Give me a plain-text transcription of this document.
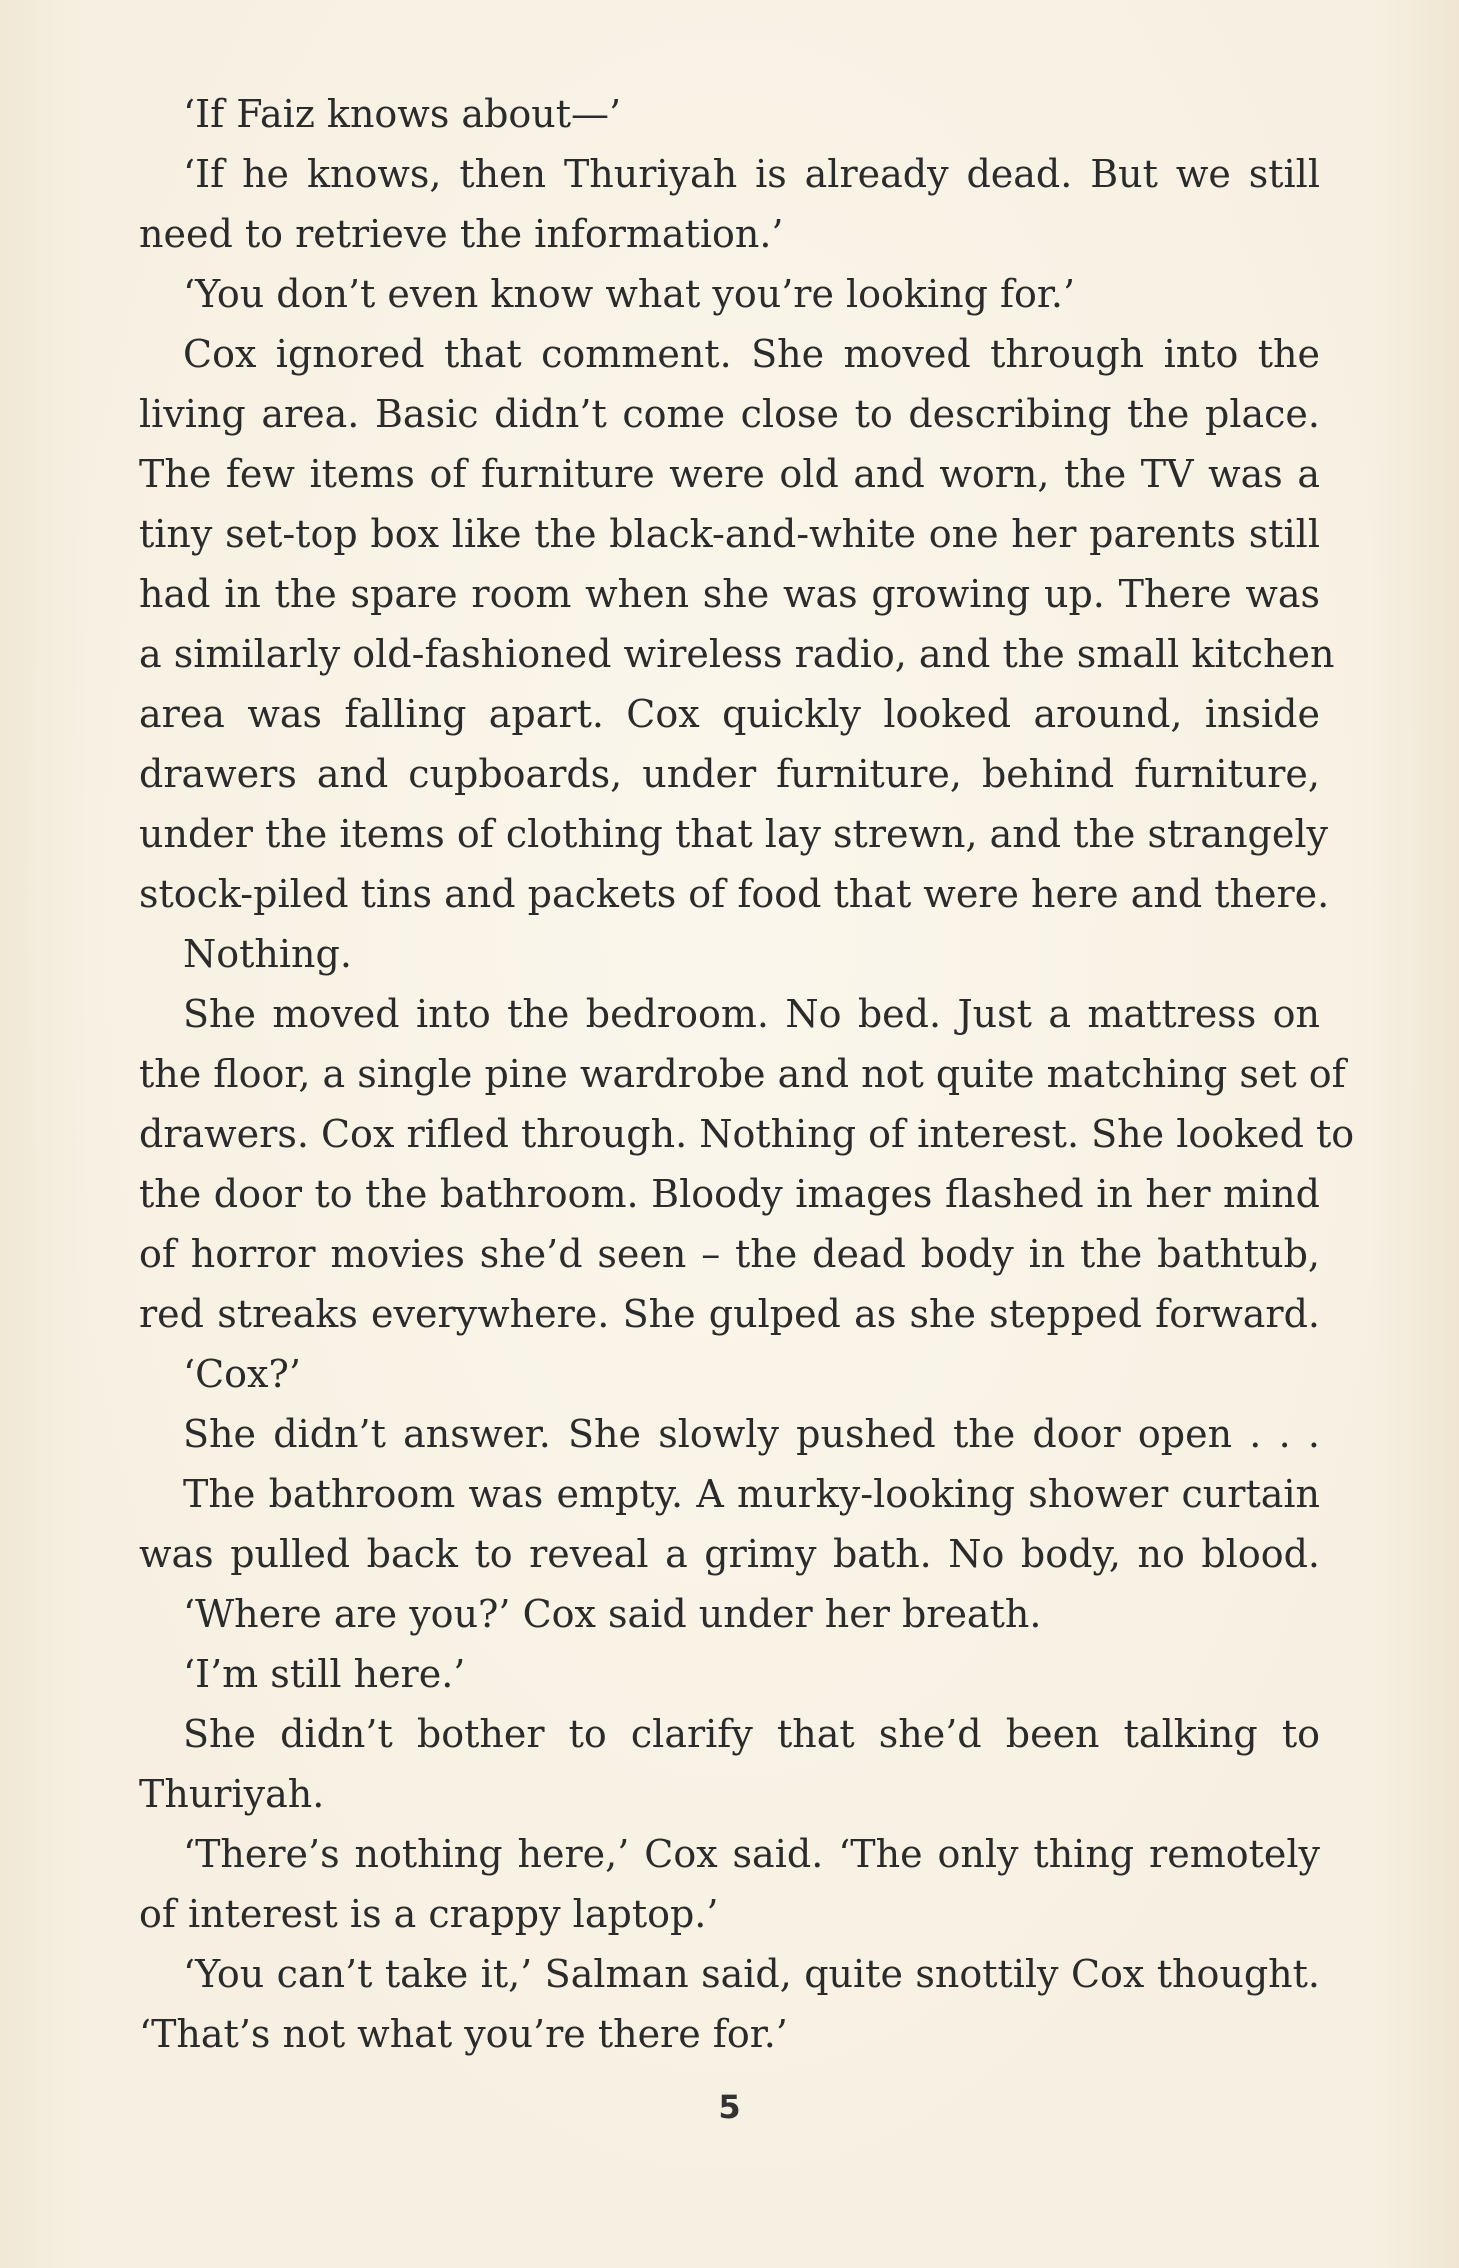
‘If Faiz knows about—’
‘If he knows, then Thuriyah is already dead. But we still
need to retrieve the information.’
‘You don’t even know what you’re looking for.’
Cox ignored that comment. She moved through into the
living area. Basic didn’t come close to describing the place.
The few items of furniture were old and worn, the TV was a
tiny set-top box like the black-and-white one her parents still
had in the spare room when she was growing up. There was
a similarly old-fashioned wireless radio, and the small kitchen
area was falling apart. Cox quickly looked around, inside
drawers and cupboards, under furniture, behind furniture,
under the items of clothing that lay strewn, and the strangely
stock-piled tins and packets of food that were here and there.
Nothing.
She moved into the bedroom. No bed. Just a mattress on
the floor, a single pine wardrobe and not quite matching set of
drawers. Cox rifled through. Nothing of interest. She looked to
the door to the bathroom. Bloody images flashed in her mind
of horror movies she’d seen – the dead body in the bathtub,
red streaks everywhere. She gulped as she stepped forward.
‘Cox?’
She didn’t answer. She slowly pushed the door open . . .
The bathroom was empty. A murky-looking shower curtain
was pulled back to reveal a grimy bath. No body, no blood.
‘Where are you?’ Cox said under her breath.
‘I’m still here.’
She didn’t bother to clarify that she’d been talking to
Thuriyah.
‘There’s nothing here,’ Cox said. ‘The only thing remotely
of interest is a crappy laptop.’
‘You can’t take it,’ Salman said, quite snottily Cox thought.
‘That’s not what you’re there for.’
5
